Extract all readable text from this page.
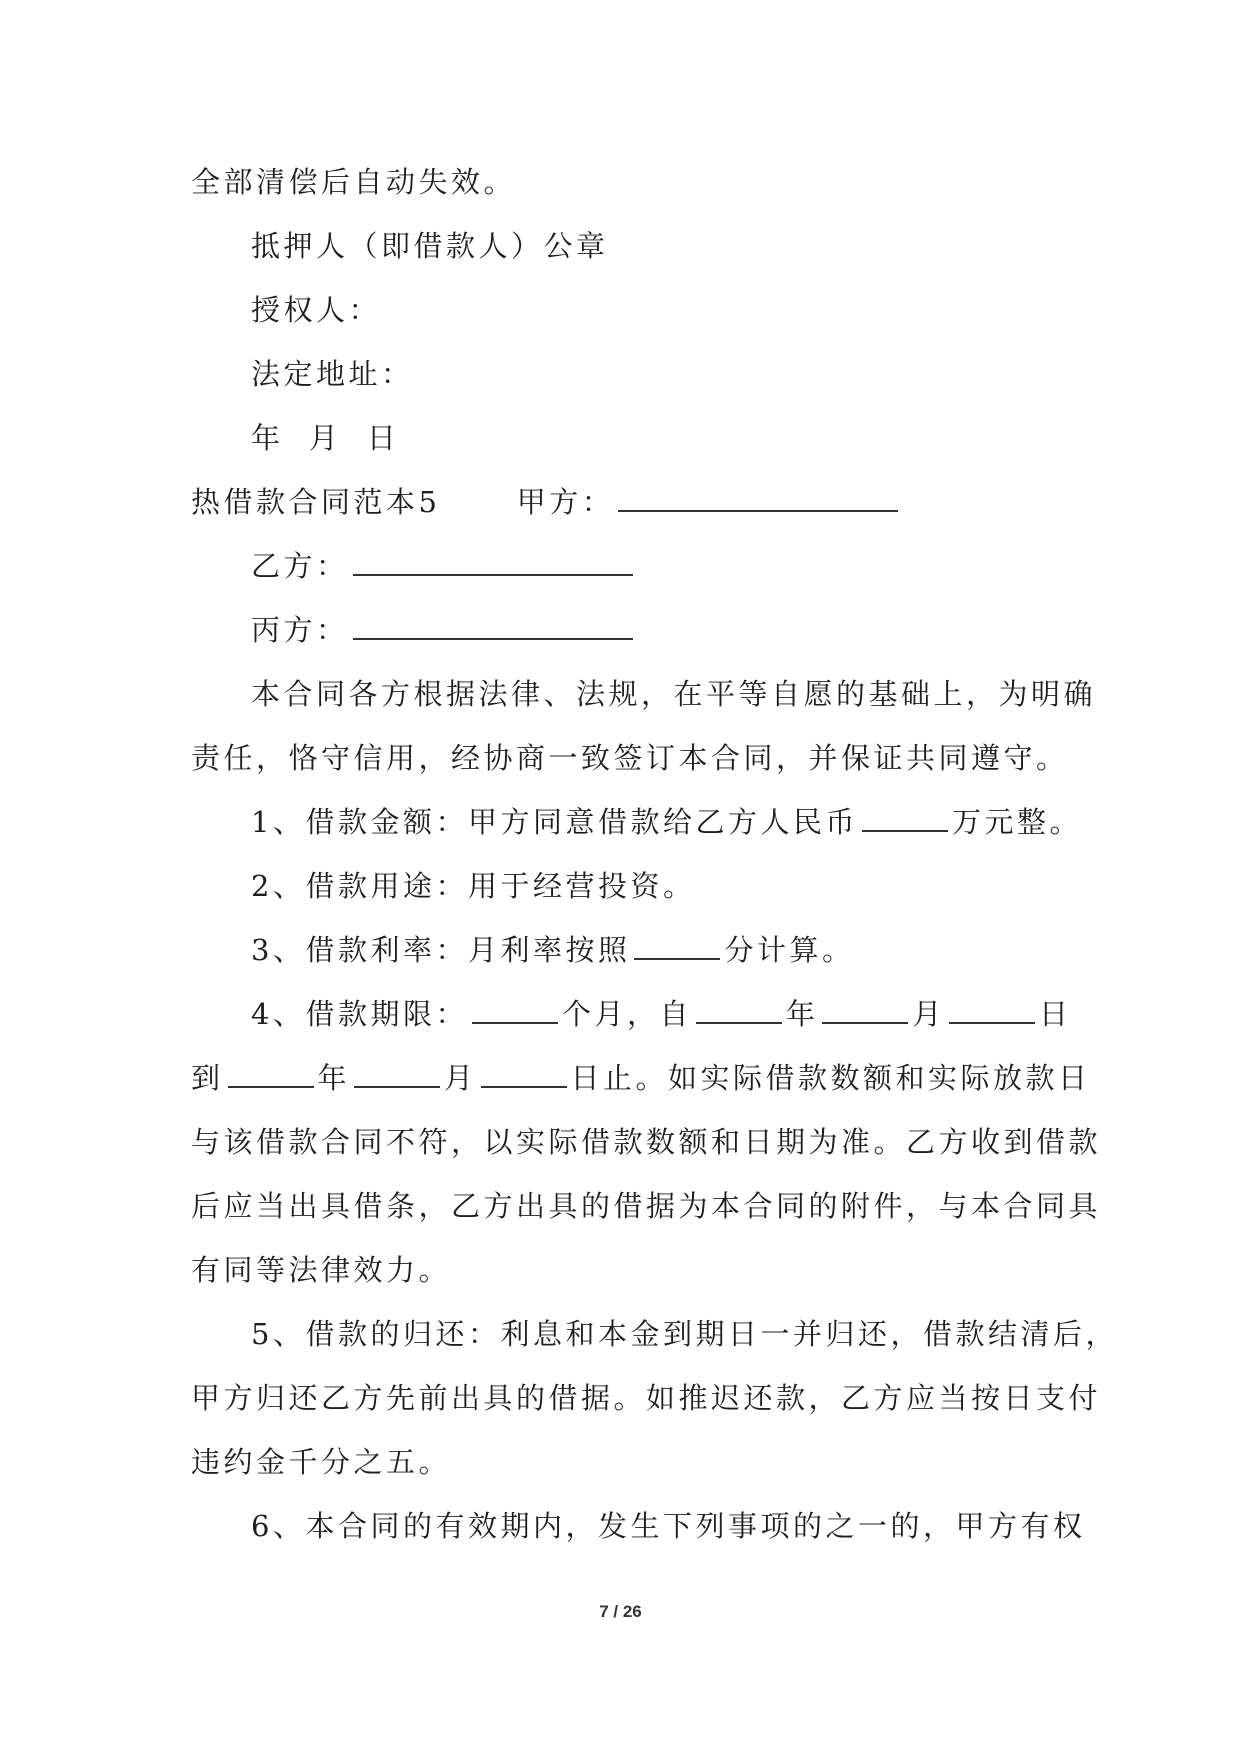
全部清偿后自动失效。
抵押人（即借款人）公章
授权人：
法定地址：
年  月  日
热借款合同范本5	甲方：
乙方：
丙方：
本合同各方根据法律、法规，在平等自愿的基础上，为明确
责任，恪守信用，经协商一致签订本合同，并保证共同遵守。
1、借款金额：甲方同意借款给乙方人民币	万元整。
2、借款用途：用于经营投资。
3、借款利率：月利率按照	分计算。
4、借款期限：	个月，自	年	月	日
到	年	月	日止。如实际借款数额和实际放款日
与该借款合同不符，以实际借款数额和日期为准。乙方收到借款
后应当出具借条，乙方出具的借据为本合同的附件，与本合同具
有同等法律效力。
5、借款的归还：利息和本金到期日一并归还，借款结清后，
甲方归还乙方先前出具的借据。如推迟还款，乙方应当按日支付
违约金千分之五。
6、本合同的有效期内，发生下列事项的之一的，甲方有权
7 / 26
